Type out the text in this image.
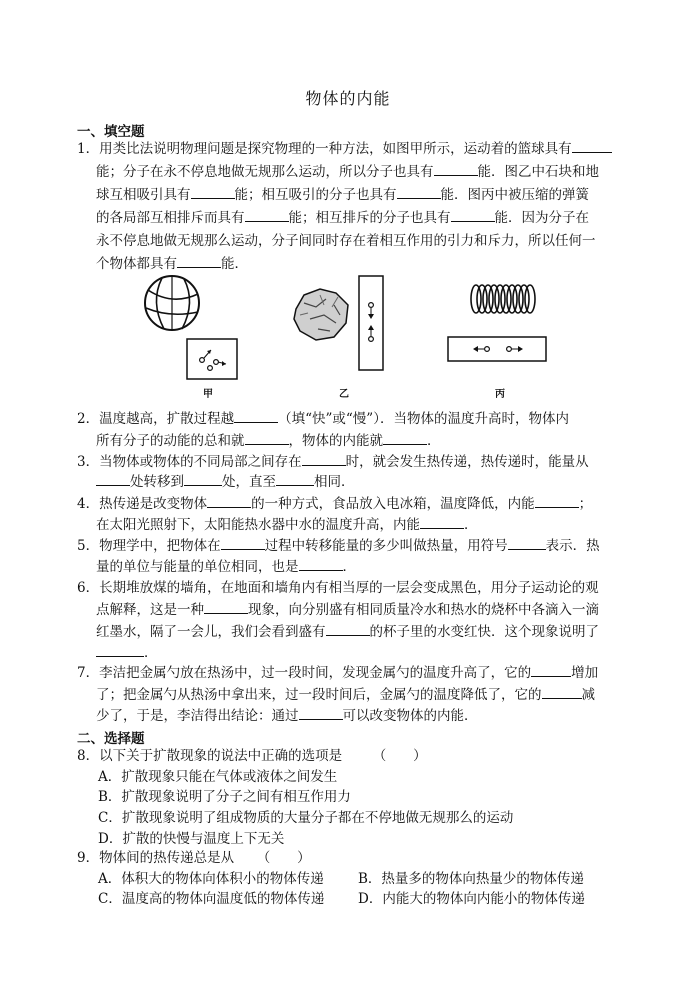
物体的内能
一、填空题
1．用类比法说明物理问题是探究物理的一种方法，如图甲所示，运动着的篮球具有
能；分子在永不停息地做无规那么运动，所以分子也具有	能．图乙中石块和地
球互相吸引具有	能；相互吸引的分子也具有	能．图丙中被压缩的弹簧
的各局部互相排斥而具有	能；相互排斥的分子也具有	能．因为分子在
永不停息地做无规那么运动，分子间同时存在着相互作用的引力和斥力，所以任何一
个物体都具有	能．
甲	乙	丙
2．温度越高，扩散过程越	（填“快”或“慢”）．当物体的温度升高时，物体内
所有分子的动能的总和就	，物体的内能就	．
3．当物体或物体的不同局部之间存在	时，就会发生热传递，热传递时，能量从
处转移到	处，直至	相同．
4．热传递是改变物体	的一种方式，食品放入电冰箱，温度降低，内能	；
在太阳光照射下，太阳能热水器中水的温度升高，内能	．
5．物理学中，把物体在	过程中转移能量的多少叫做热量，用符号	表示．热
量的单位与能量的单位相同，也是	．
6．长期堆放煤的墙角，在地面和墙角内有相当厚的一层会变成黑色，用分子运动论的观
点解释，这是一种	现象，向分别盛有相同质量冷水和热水的烧杯中各滴入一滴
红墨水，隔了一会儿，我们会看到盛有	的杯子里的水变红快．这个现象说明了
．
7．李洁把金属勺放在热汤中，过一段时间，发现金属勺的温度升高了，它的	增加
了；把金属勺从热汤中拿出来，过一段时间后，金属勺的温度降低了，它的	减
少了，于是，李洁得出结论：通过	可以改变物体的内能．
二、选择题
8．以下关于扩散现象的说法中正确的选项是 （　　）
A．扩散现象只能在气体或液体之间发生
B．扩散现象说明了分子之间有相互作用力
C．扩散现象说明了组成物质的大量分子都在不停地做无规那么的运动
D．扩散的快慢与温度上下无关
9．物体间的热传递总是从 （　　）
A．体积大的物体向体积小的物体传递	B．热量多的物体向热量少的物体传递
C．温度高的物体向温度低的物体传递 D．内能大的物体向内能小的物体传递
